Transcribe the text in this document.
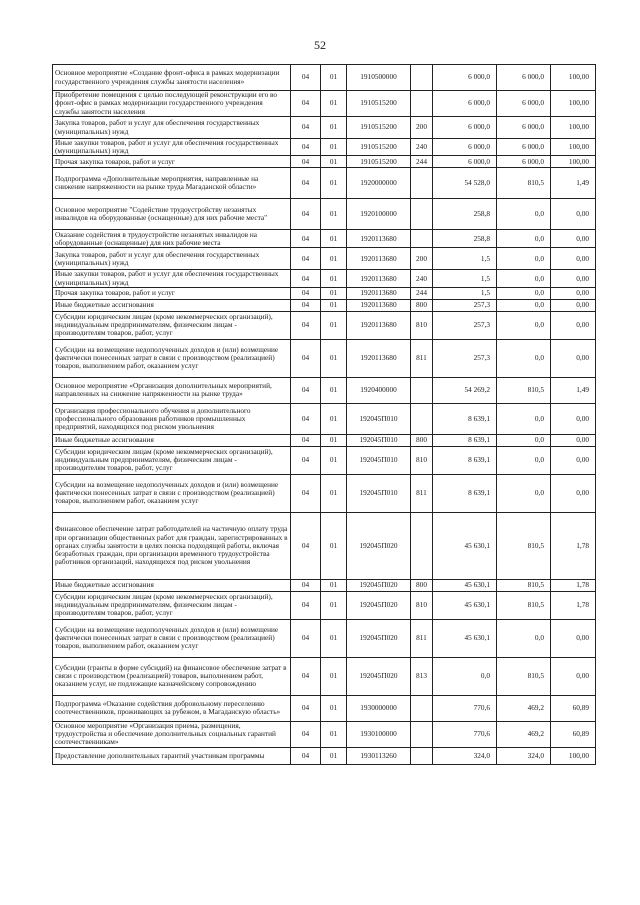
52
Основное мероприятие «Создание фронт-офиса в рамках модернизации государственного учреждения службы занятости населения»	04	01	1910500000		6 000,0	6 000,0	100,00
Приобретение помещения с целью последующей реконструкции его во фронт-офис в рамках модернизации государственного учреждения службы занятости населения	04	01	1910515200		6 000,0	6 000,0	100,00
Закупка товаров, работ и услуг для обеспечения государственных (муниципальных) нужд	04	01	1910515200	200	6 000,0	6 000,0	100,00
Иные закупки товаров, работ и услуг для обеспечения государственных (муниципальных) нужд	04	01	1910515200	240	6 000,0	6 000,0	100,00
Прочая закупка товаров, работ и услуг	04	01	1910515200	244	6 000,0	6 000,0	100,00
Подпрограмма «Дополнительные мероприятия, направленные на снижение напряженности на рынке труда Магаданской области»	04	01	1920000000		54 528,0	810,5	1,49
Основное мероприятие "Содействие трудоустройству незанятых инвалидов на оборудованные (оснащенные) для них рабочие места"	04	01	1920100000		258,8	0,0	0,00
Оказание содействия в трудоустройстве незанятых инвалидов на оборудованные (оснащенные) для них рабочие места	04	01	1920113680		258,8	0,0	0,00
Закупка товаров, работ и услуг для обеспечения государственных (муниципальных) нужд	04	01	1920113680	200	1,5	0,0	0,00
Иные закупки товаров, работ и услуг для обеспечения государственных (муниципальных) нужд	04	01	1920113680	240	1,5	0,0	0,00
Прочая закупка товаров, работ и услуг	04	01	1920113680	244	1,5	0,0	0,00
Иные бюджетные ассигнования	04	01	1920113680	800	257,3	0,0	0,00
Субсидии юридическим лицам (кроме некоммерческих организаций), индивидуальным предпринимателям, физическим лицам - производителям товаров, работ, услуг	04	01	1920113680	810	257,3	0,0	0,00
Субсидии на возмещение недополученных доходов и (или) возмещение фактически понесенных затрат в связи с производством (реализацией) товаров, выполнением работ, оказанием услуг	04	01	1920113680	811	257,3	0,0	0,00
Основное мероприятие «Организация дополнительных мероприятий, направленных на снижение напряженности на рынке труда»	04	01	1920400000		54 269,2	810,5	1,49
Организация профессионального обучения и дополнительного профессионального образования работников промышленных предприятий, находящихся под риском увольнения	04	01	192045П010		8 639,1	0,0	0,00
Иные бюджетные ассигнования	04	01	192045П010	800	8 639,1	0,0	0,00
Субсидии юридическим лицам (кроме некоммерческих организаций), индивидуальным предпринимателям, физическим лицам - производителям товаров, работ, услуг	04	01	192045П010	810	8 639,1	0,0	0,00
Субсидии на возмещение недополученных доходов и (или) возмещение фактически понесенных затрат в связи с производством (реализацией) товаров, выполнением работ, оказанием услуг	04	01	192045П010	811	8 639,1	0,0	0,00
Финансовое обеспечение затрат работодателей на частичную оплату труда при организации общественных работ для граждан, зарегистрированных в органах службы занятости в целях поиска подходящей работы, включая безработных граждан, при организации временного трудоустройства работников организаций, находящихся под риском увольнения	04	01	192045П020		45 630,1	810,5	1,78
Иные бюджетные ассигнования	04	01	192045П020	800	45 630,1	810,5	1,78
Субсидии юридическим лицам (кроме некоммерческих организаций), индивидуальным предпринимателям, физическим лицам - производителям товаров, работ, услуг	04	01	192045П020	810	45 630,1	810,5	1,78
Субсидии на возмещение недополученных доходов и (или) возмещение фактически понесенных затрат в связи с производством (реализацией) товаров, выполнением работ, оказанием услуг	04	01	192045П020	811	45 630,1	0,0	0,00
Субсидии (гранты в форме субсидий) на финансовое обеспечение затрат в связи с производством (реализацией) товаров, выполнением работ, оказанием услуг, не подлежащие казначейскому сопровождению	04	01	192045П020	813	0,0	810,5	0,00
Подпрограмма «Оказание содействия добровольному переселению соотечественников, проживающих за рубежом, в Магаданскую область»	04	01	1930000000		770,6	469,2	60,89
Основное мероприятие «Организация приема, размещения, трудоустройства и обеспечение дополнительных социальных гарантий соотечественникам»	04	01	1930100000		770,6	469,2	60,89
Предоставление дополнительных гарантий участникам программы	04	01	1930113260		324,0	324,0	100,00
